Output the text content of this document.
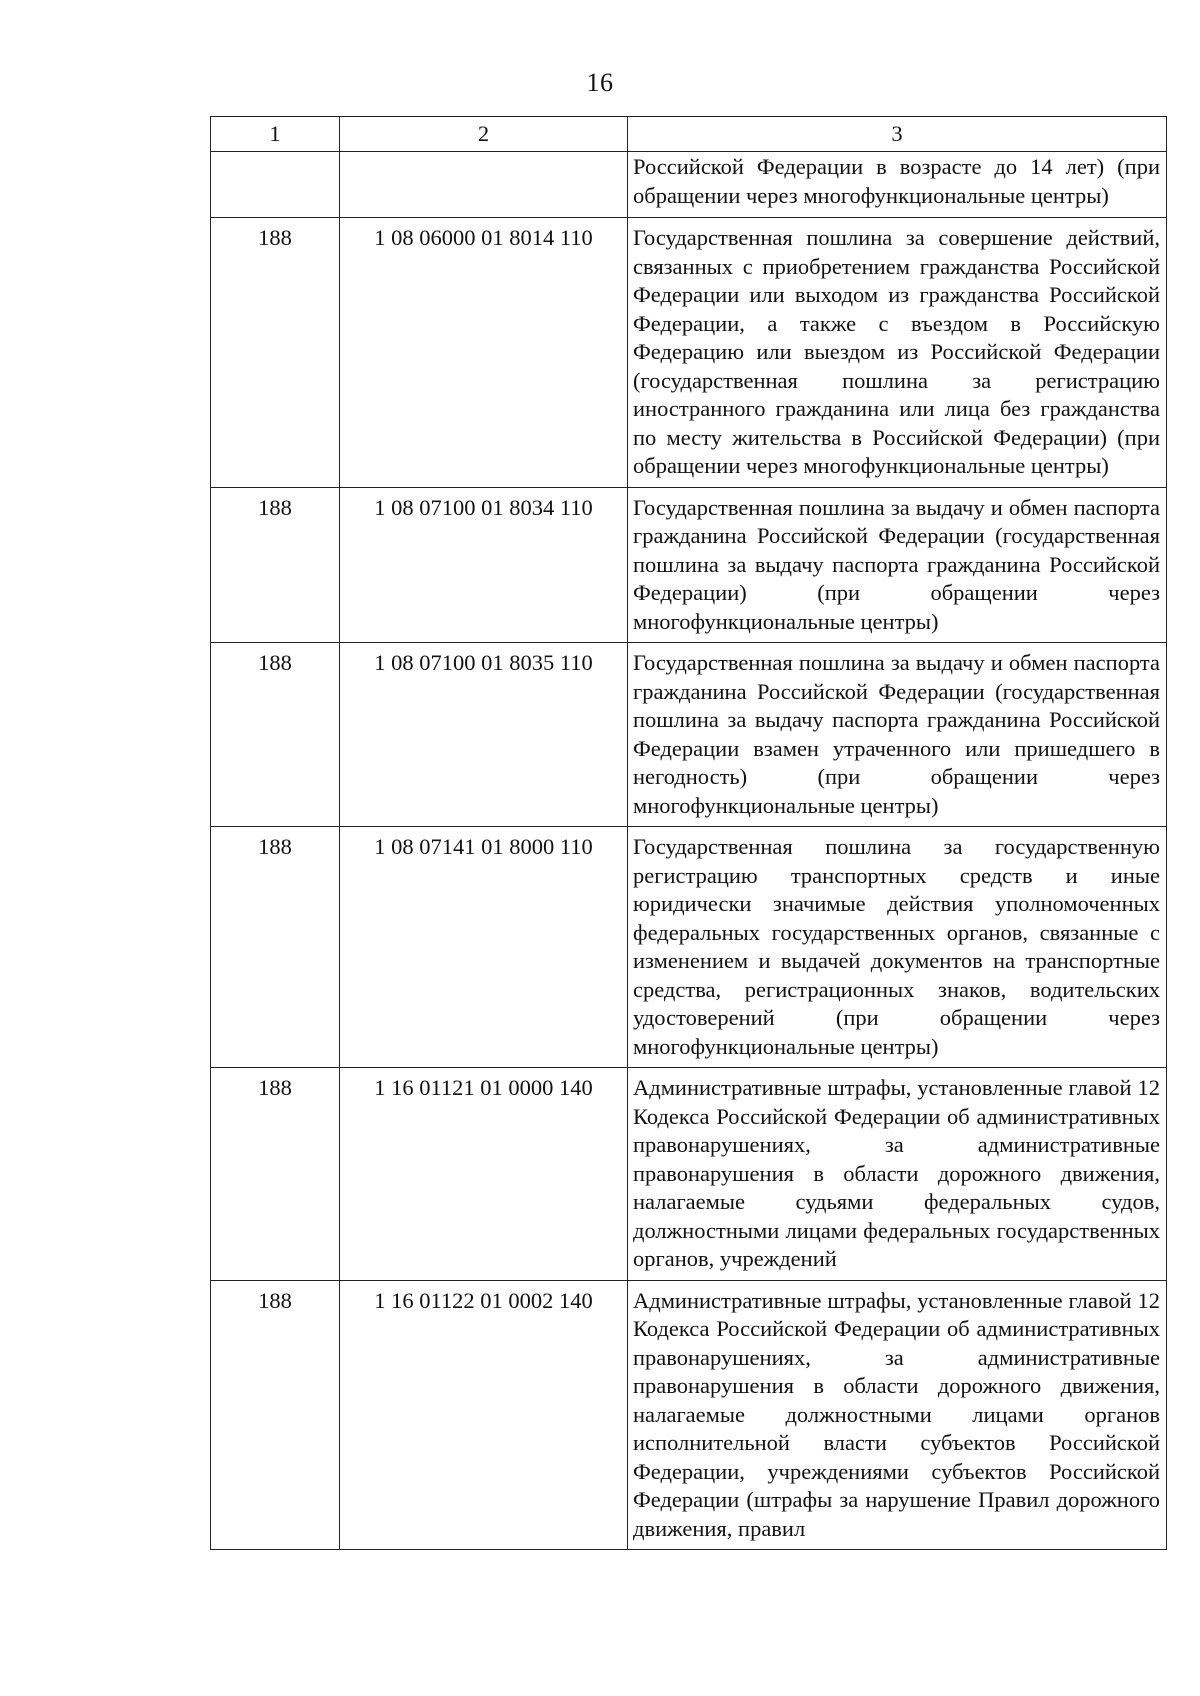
16
1	2	3
		Российской Федерации в возрасте до 14 лет) (при обращении через многофункциональные центры)
188	1 08 06000 01 8014 110	Государственная пошлина за совершение действий, связанных с приобретением гражданства Российской Федерации или выходом из гражданства Российской Федерации, а также с въездом в Российскую Федерацию или выездом из Российской Федерации (государственная пошлина за регистрацию иностранного гражданина или лица без гражданства по месту жительства в Российской Федерации) (при обращении через многофункциональные центры)
188	1 08 07100 01 8034 110	Государственная пошлина за выдачу и обмен паспорта гражданина Российской Федерации (государственная пошлина за выдачу паспорта гражданина Российской Федерации) (при обращении через многофункциональные центры)
188	1 08 07100 01 8035 110	Государственная пошлина за выдачу и обмен паспорта гражданина Российской Федерации (государственная пошлина за выдачу паспорта гражданина Российской Федерации взамен утраченного или пришедшего в негодность) (при обращении через многофункциональные центры)
188	1 08 07141 01 8000 110	Государственная пошлина за государственную регистрацию транспортных средств и иные юридически значимые действия уполномоченных федеральных государственных органов, связанные с изменением и выдачей документов на транспортные средства, регистрационных знаков, водительских удостоверений (при обращении через многофункциональные центры)
188	1 16 01121 01 0000 140	Административные штрафы, установленные главой 12 Кодекса Российской Федерации об административных правонарушениях, за административные правонарушения в области дорожного движения, налагаемые судьями федеральных судов, должностными лицами федеральных государственных органов, учреждений
188	1 16 01122 01 0002 140	Административные штрафы, установленные главой 12 Кодекса Российской Федерации об административных правонарушениях, за административные правонарушения в области дорожного движения, налагаемые должностными лицами органов исполнительной власти субъектов Российской Федерации, учреждениями субъектов Российской Федерации (штрафы за нарушение Правил дорожного движения, правил
